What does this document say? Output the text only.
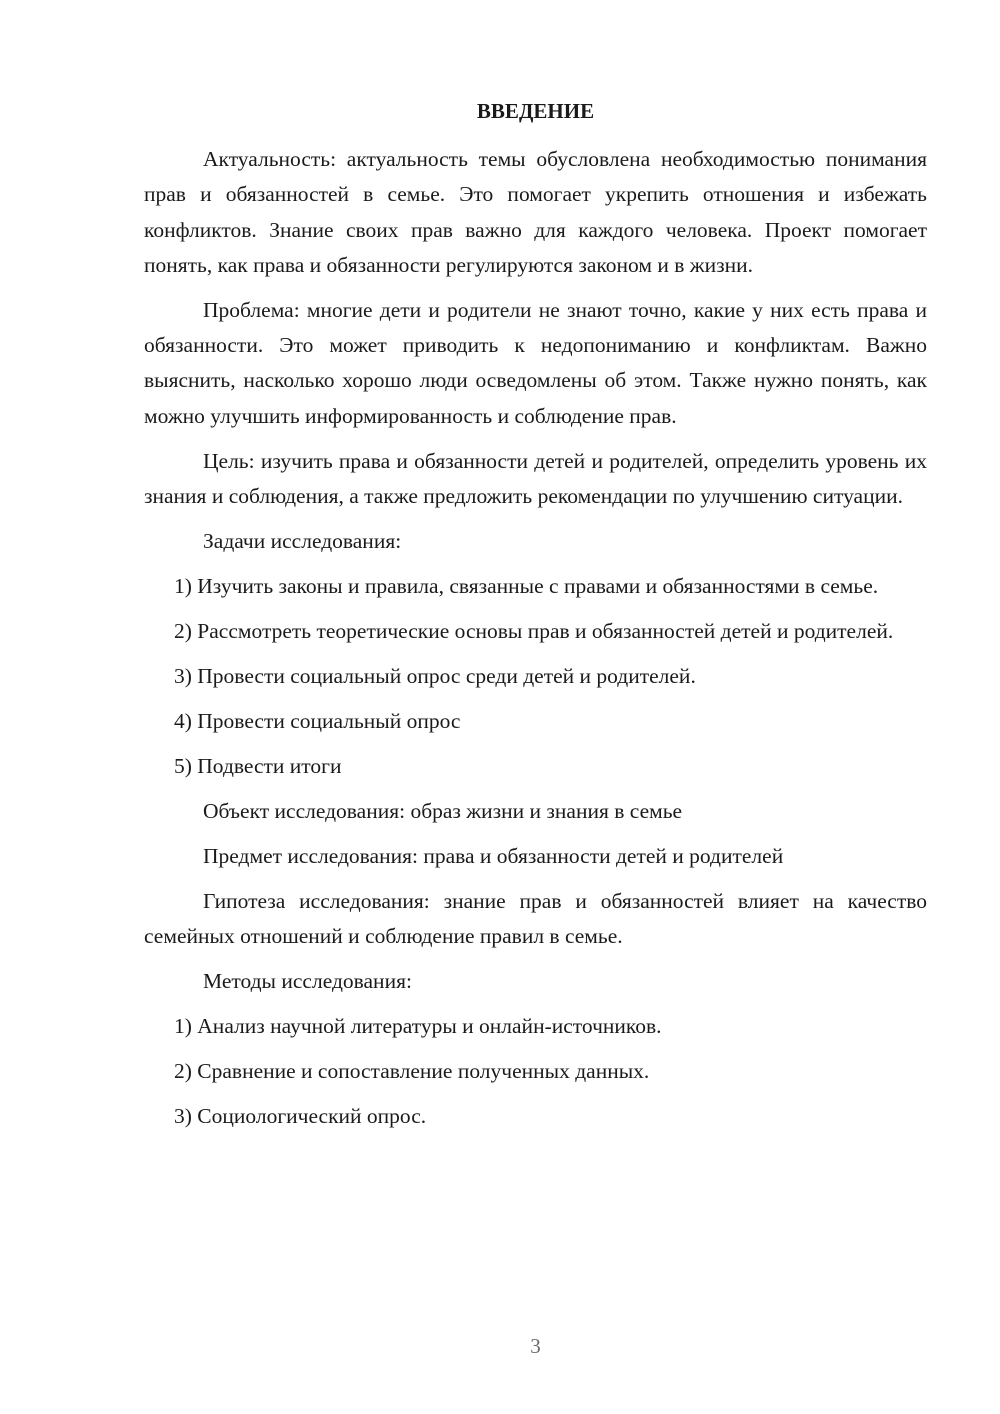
ВВЕДЕНИЕ

Актуальность: актуальность темы обусловлена необходимостью понимания прав и обязанностей в семье. Это помогает укрепить отношения и избежать конфликтов. Знание своих прав важно для каждого человека. Проект помогает понять, как права и обязанности регулируются законом и в жизни.

Проблема: многие дети и родители не знают точно, какие у них есть права и обязанности. Это может приводить к недопониманию и конфликтам. Важно выяснить, насколько хорошо люди осведомлены об этом. Также нужно понять, как можно улучшить информированность и соблюдение прав.

Цель: изучить права и обязанности детей и родителей, определить уровень их знания и соблюдения, а также предложить рекомендации по улучшению ситуации.

Задачи исследования:

1) Изучить законы и правила, связанные с правами и обязанностями в семье.

2) Рассмотреть теоретические основы прав и обязанностей детей и родителей.

3) Провести социальный опрос среди детей и родителей.

4) Провести социальный опрос

5) Подвести итоги

Объект исследования: образ жизни и знания в семье

Предмет исследования: права и обязанности детей и родителей

Гипотеза исследования: знание прав и обязанностей влияет на качество семейных отношений и соблюдение правил в семье.

Методы исследования:

1) Анализ научной литературы и онлайн-источников.

2) Сравнение и сопоставление полученных данных.

3) Социологический опрос.

3
